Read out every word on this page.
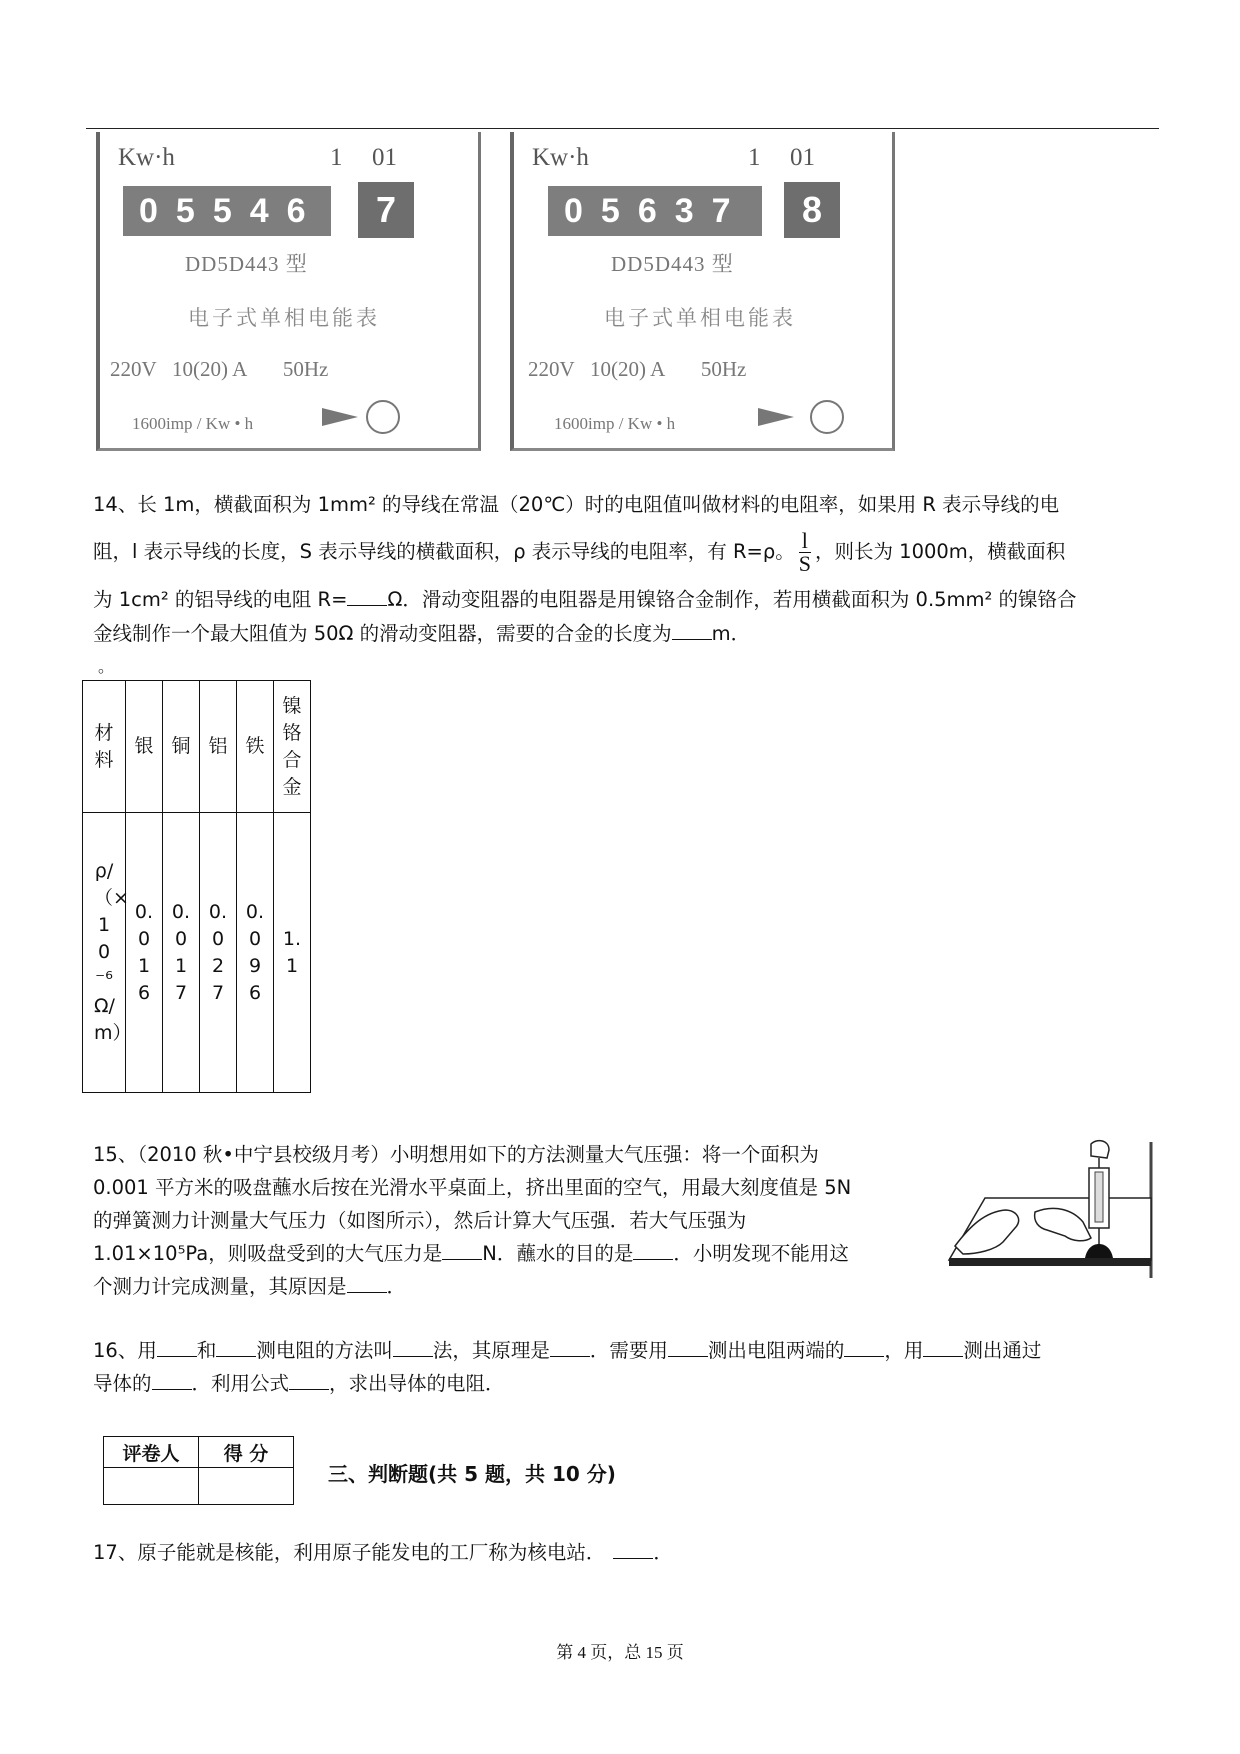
Kw·h	1 01
05546	7
DD5D443 型
电子式单相电能表
220V   10(20) A       50Hz
1600imp / Kw • h
Kw·h	1 01
05637	8
DD5D443 型
电子式单相电能表
220V   10(20) A       50Hz
1600imp / Kw • h
14、长 1m，横截面积为 1mm² 的导线在常温（20℃）时的电阻值叫做材料的电阻率，如果用 R 表示导线的电
阻，l 表示导线的长度，S 表示导线的横截面积，ρ 表示导线的电阻率，有 R=ρ。 $\frac{l}{S}$ ，则长为 1000m，横截面积
为 1cm² 的铝导线的电阻 R= Ω．滑动变阻器的电阻器是用镍铬合金制作，若用横截面积为 0.5mm² 的镍铬合
金线制作一个最大阻值为 50Ω 的滑动变阻器，需要的合金的长度为 m．
。
材料	银	铜	铝	铁	镍铬合金
ρ/（×10⁻⁶Ω/m）	0.016	0.017	0.027	0.096	1.1
15、（2010 秋•中宁县校级月考）小明想用如下的方法测量大气压强：将一个面积为
0.001 平方米的吸盘蘸水后按在光滑水平桌面上，挤出里面的空气，用最大刻度值是 5N
的弹簧测力计测量大气压力（如图所示），然后计算大气压强．若大气压强为
1.01×10⁵Pa，则吸盘受到的大气压力是 N．蘸水的目的是 ．小明发现不能用这
个测力计完成测量，其原因是 ．
16、用 和 测电阻的方法叫 法，其原理是 ．需要用 测出电阻两端的 ，用 测出通过
导体的 ．利用公式 ，求出导体的电阻．
评卷人	得 分

三、判断题(共 5 题，共 10 分)
17、原子能就是核能，利用原子能发电的工厂称为核电站． ．
第 4 页，总 15 页
